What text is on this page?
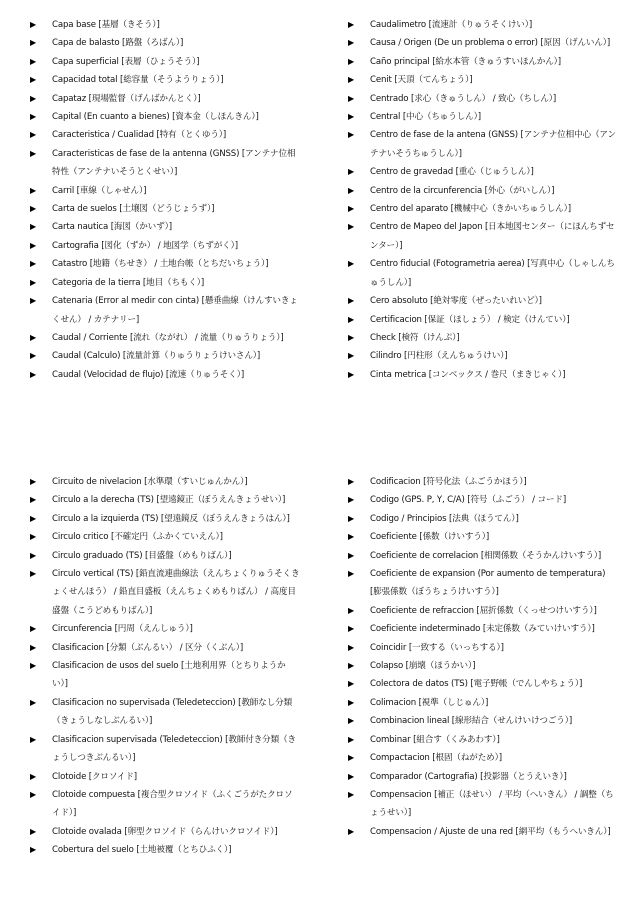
▶ Capa base [基層（きそう）]
▶ Capa de balasto [路盤（ろばん）]
▶ Capa superficial [表層（ひょうそう）]
▶ Capacidad total [総容量（そうようりょう）]
▶ Capataz [現場監督（げんばかんとく）]
▶ Capital (En cuanto a bienes) [資本金（しほんきん）]
▶ Caracteristica / Cualidad [特有（とくゆう）]
▶ Caracteristicas de fase de la antenna (GNSS) [アンテナ位相特性（アンテナいそうとくせい）]
▶ Carril [車線（しゃせん）]
▶ Carta de suelos [土壌図（どうじょうず）]
▶ Carta nautica [海図（かいず）]
▶ Cartografia [図化（ずか） / 地図学（ちずがく）]
▶ Catastro [地籍（ちせき） / 土地台帳（とちだいちょう）]
▶ Categoria de la tierra [地目（ちもく）]
▶ Catenaria (Error al medir con cinta) [懸垂曲線（けんすいきょくせん） / カテナリー]
▶ Caudal / Corriente [流れ（ながれ） / 流量（りゅうりょう）]
▶ Caudal (Calculo) [流量計算（りゅうりょうけいさん）]
▶ Caudal (Velocidad de flujo) [流速（りゅうそく）]
▶ Caudalimetro [流速計（りゅうそくけい）]
▶ Causa / Origen (De un problema o error) [原因（げんいん）]
▶ Caño principal [給水本管（きゅうすいほんかん）]
▶ Cenit [天頂（てんちょう）]
▶ Centrado [求心（きゅうしん） / 致心（ちしん）]
▶ Central [中心（ちゅうしん）]
▶ Centro de fase de la antena (GNSS) [アンテナ位相中心（アンテナいそうちゅうしん）]
▶ Centro de gravedad [重心（じゅうしん）]
▶ Centro de la circunferencia [外心（がいしん）]
▶ Centro del aparato [機械中心（きかいちゅうしん）]
▶ Centro de Mapeo del Japon [日本地図センター（にほんちずセンター）]
▶ Centro fiducial (Fotogrametria aerea) [写真中心（しゃしんちゅうしん）]
▶ Cero absoluto [絶対零度（ぜったいれいど）]
▶ Certificacion [保証（ほしょう） / 検定（けんてい）]
▶ Check [検符（けんぷ）]
▶ Cilindro [円柱形（えんちゅうけい）]
▶ Cinta metrica [コンベックス / 巻尺（まきじゃく）]
▶ Circuito de nivelacion [水準環（すいじゅんかん）]
▶ Circulo a la derecha (TS) [望遠鏡正（ぼうえんきょうせい）]
▶ Circulo a la izquierda (TS) [望遠鏡反（ぼうえんきょうはん）]
▶ Circulo critico [不確定円（ふかくていえん）]
▶ Circulo graduado (TS) [目盛盤（めもりばん）]
▶ Circulo vertical (TS) [鉛直流連曲線法（えんちょくりゅうそくきょくせんほう） / 鉛直目盛板（えんちょくめもりばん） / 高度目盛盤（こうどめもりばん）]
▶ Circunferencia [円周（えんしゅう）]
▶ Clasificacion [分類（ぶんるい） / 区分（くぶん）]
▶ Clasificacion de usos del suelo [土地利用界（とちりようかい）]
▶ Clasificacion no supervisada (Teledeteccion) [教師なし分類（きょうしなしぶんるい）]
▶ Clasificacion supervisada (Teledeteccion) [教師付き分類（きょうしつきぶんるい）]
▶ Clotoide [クロソイド]
▶ Clotoide compuesta [複合型クロソイド（ふくごうがたクロソイド）]
▶ Clotoide ovalada [卵型クロソイド（らんけいクロソイド）]
▶ Cobertura del suelo [土地被覆（とちひふく）]
▶ Codificacion [符号化法（ふごうかほう）]
▶ Codigo (GPS. P, Y, C/A) [符号（ふごう） / コード]
▶ Codigo / Principios [法典（ほうてん）]
▶ Coeficiente [係数（けいすう）]
▶ Coeficiente de correlacion [相関係数（そうかんけいすう）]
▶ Coeficiente de expansion (Por aumento de temperatura) [膨張係数（ぼうちょうけいすう）]
▶ Coeficiente de refraccion [屈折係数（くっせつけいすう）]
▶ Coeficiente indeterminado [未定係数（みていけいすう）]
▶ Coincidir [一致する（いっちする）]
▶ Colapso [崩壊（ほうかい）]
▶ Colectora de datos (TS) [電子野帳（でんしやちょう）]
▶ Colimacion [視準（しじゅん）]
▶ Combinacion lineal [線形結合（せんけいけつごう）]
▶ Combinar [組合す（くみあわす）]
▶ Compactacion [根固（ねがため）]
▶ Comparador (Cartografia) [投影器（とうえいき）]
▶ Compensacion [補正（ほせい） / 平均（へいきん） / 調整（ちょうせい）]
▶ Compensacion / Ajuste de una red [網平均（もうへいきん）]
